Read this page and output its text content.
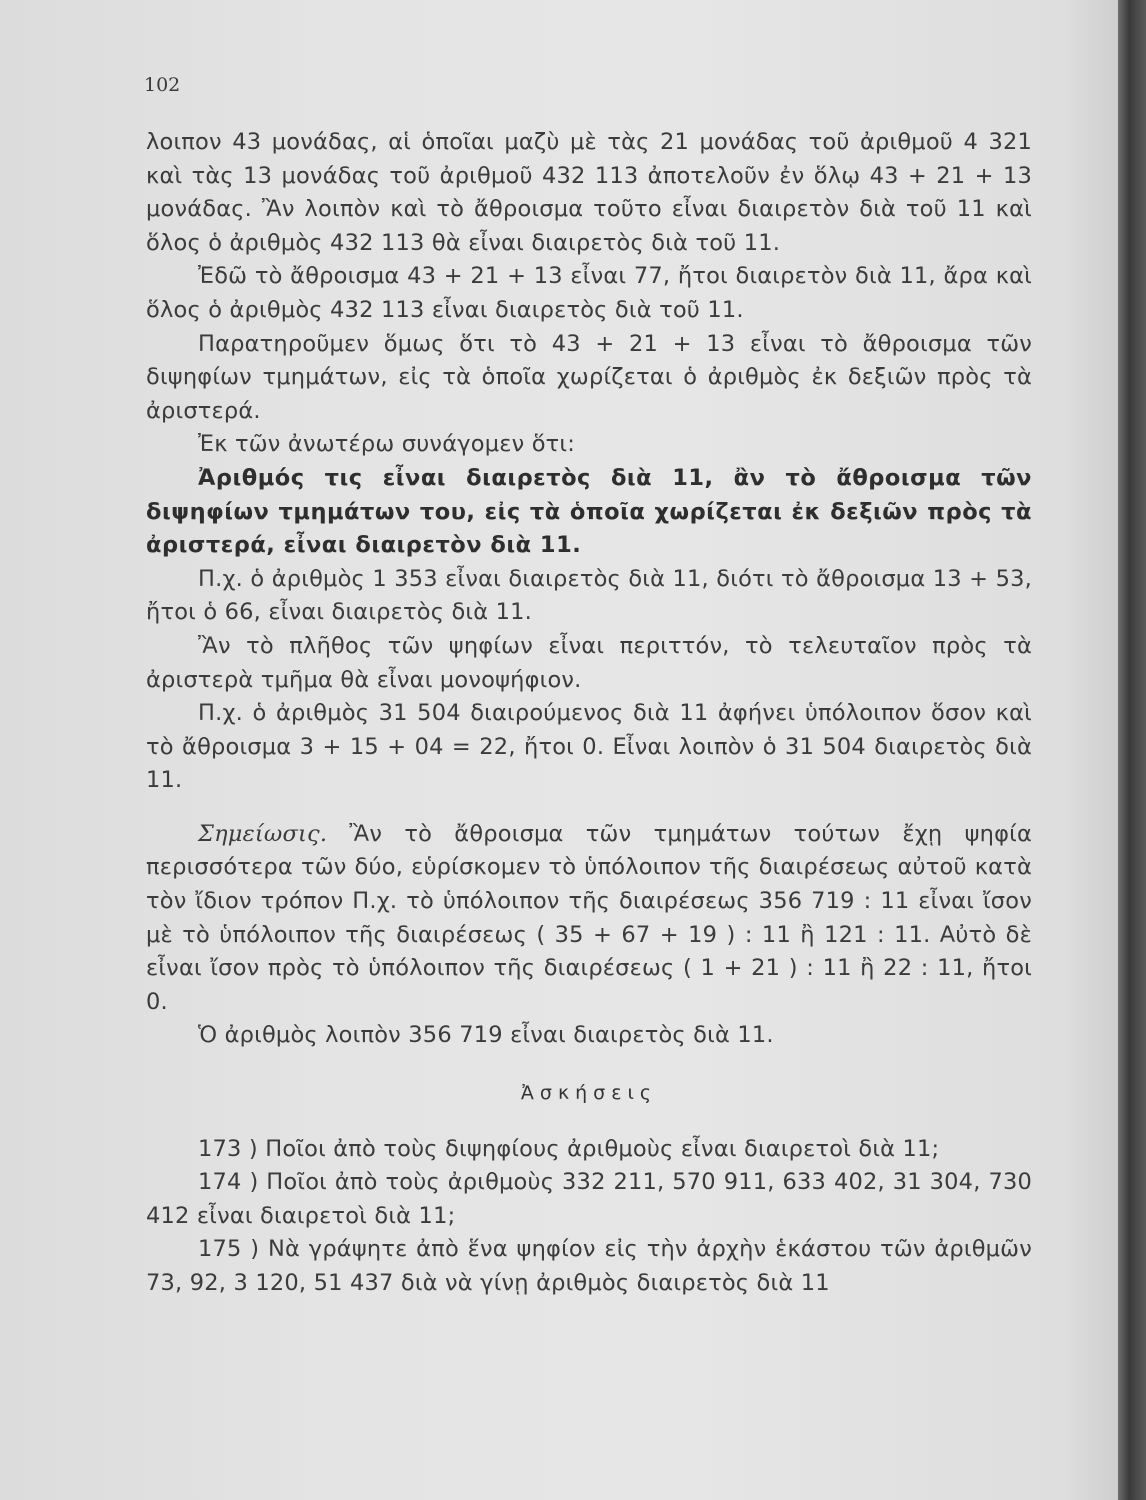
102

λοιπον 43 μονάδας, αἱ ὁποῖαι μαζὺ μὲ τὰς 21 μονάδας τοῦ ἀριθμοῦ 4 321 καὶ τὰς 13 μονάδας τοῦ ἀριθμοῦ 432 113 ἀποτελοῦν ἐν ὅλῳ 43 + 21 + 13 μονάδας. Ἂν λοιπὸν καὶ τὸ ἄθροισμα τοῦτο εἶναι διαιρετὸν διὰ τοῦ 11 καὶ ὅλος ὁ ἀριθμὸς 432 113 θὰ εἶναι διαιρετὸς διὰ τοῦ 11.

Ἐδῶ τὸ ἄθροισμα 43 + 21 + 13 εἶναι 77, ἤτοι διαιρετὸν διὰ 11, ἄρα καὶ ὅλος ὁ ἀριθμὸς 432 113 εἶναι διαιρετὸς διὰ τοῦ 11.

Παρατηροῦμεν ὅμως ὅτι τὸ 43 + 21 + 13 εἶναι τὸ ἄθροισμα τῶν διψηφίων τμημάτων, εἰς τὰ ὁποῖα χωρίζεται ὁ ἀριθμὸς ἐκ δεξιῶν πρὸς τὰ ἀριστερά.

Ἐκ τῶν ἀνωτέρω συνάγομεν ὅτι:

Ἀριθμός τις εἶναι διαιρετὸς διὰ 11, ἂν τὸ ἄθροισμα τῶν διψηφίων τμημάτων του, εἰς τὰ ὁποῖα χωρίζεται ἐκ δεξιῶν πρὸς τὰ ἀριστερά, εἶναι διαιρετὸν διὰ 11.

Π.χ. ὁ ἀριθμὸς 1 353 εἶναι διαιρετὸς διὰ 11, διότι τὸ ἄθροισμα 13 + 53, ἤτοι ὁ 66, εἶναι διαιρετὸς διὰ 11.

Ἂν τὸ πλῆθος τῶν ψηφίων εἶναι περιττόν, τὸ τελευταῖον πρὸς τὰ ἀριστερὰ τμῆμα θὰ εἶναι μονοψήφιον.

Π.χ. ὁ ἀριθμὸς 31 504 διαιρούμενος διὰ 11 ἀφήνει ὑπόλοιπον ὅσον καὶ τὸ ἄθροισμα 3 + 15 + 04 = 22, ἤτοι 0. Εἶναι λοιπὸν ὁ 31 504 διαιρετὸς διὰ 11.

Σημείωσις. Ἂν τὸ ἄθροισμα τῶν τμημάτων τούτων ἔχῃ ψηφία περισσότερα τῶν δύο, εὑρίσκομεν τὸ ὑπόλοιπον τῆς διαιρέσεως αὐτοῦ κατὰ τὸν ἴδιον τρόπον Π.χ. τὸ ὑπόλοιπον τῆς διαιρέσεως 356 719 : 11 εἶναι ἴσον μὲ τὸ ὑπόλοιπον τῆς διαιρέσεως ( 35 + 67 + 19 ) : 11 ἢ 121 : 11. Αὐτὸ δὲ εἶναι ἴσον πρὸς τὸ ὑπόλοιπον τῆς διαιρέσεως ( 1 + 21 ) : 11 ἢ 22 : 11, ἤτοι 0.

Ὁ ἀριθμὸς λοιπὸν 356 719 εἶναι διαιρετὸς διὰ 11.

Ἀσκήσεις

173 ) Ποῖοι ἀπὸ τοὺς διψηφίους ἀριθμοὺς εἶναι διαιρετοὶ διὰ 11;

174 ) Ποῖοι ἀπὸ τοὺς ἀριθμοὺς 332 211, 570 911, 633 402, 31 304, 730 412 εἶναι διαιρετοὶ διὰ 11;

175 ) Νὰ γράψητε ἀπὸ ἕνα ψηφίον εἰς τὴν ἀρχὴν ἑκάστου τῶν ἀριθμῶν 73, 92, 3 120, 51 437 διὰ νὰ γίνῃ ἀριθμὸς διαιρετὸς διὰ 11
